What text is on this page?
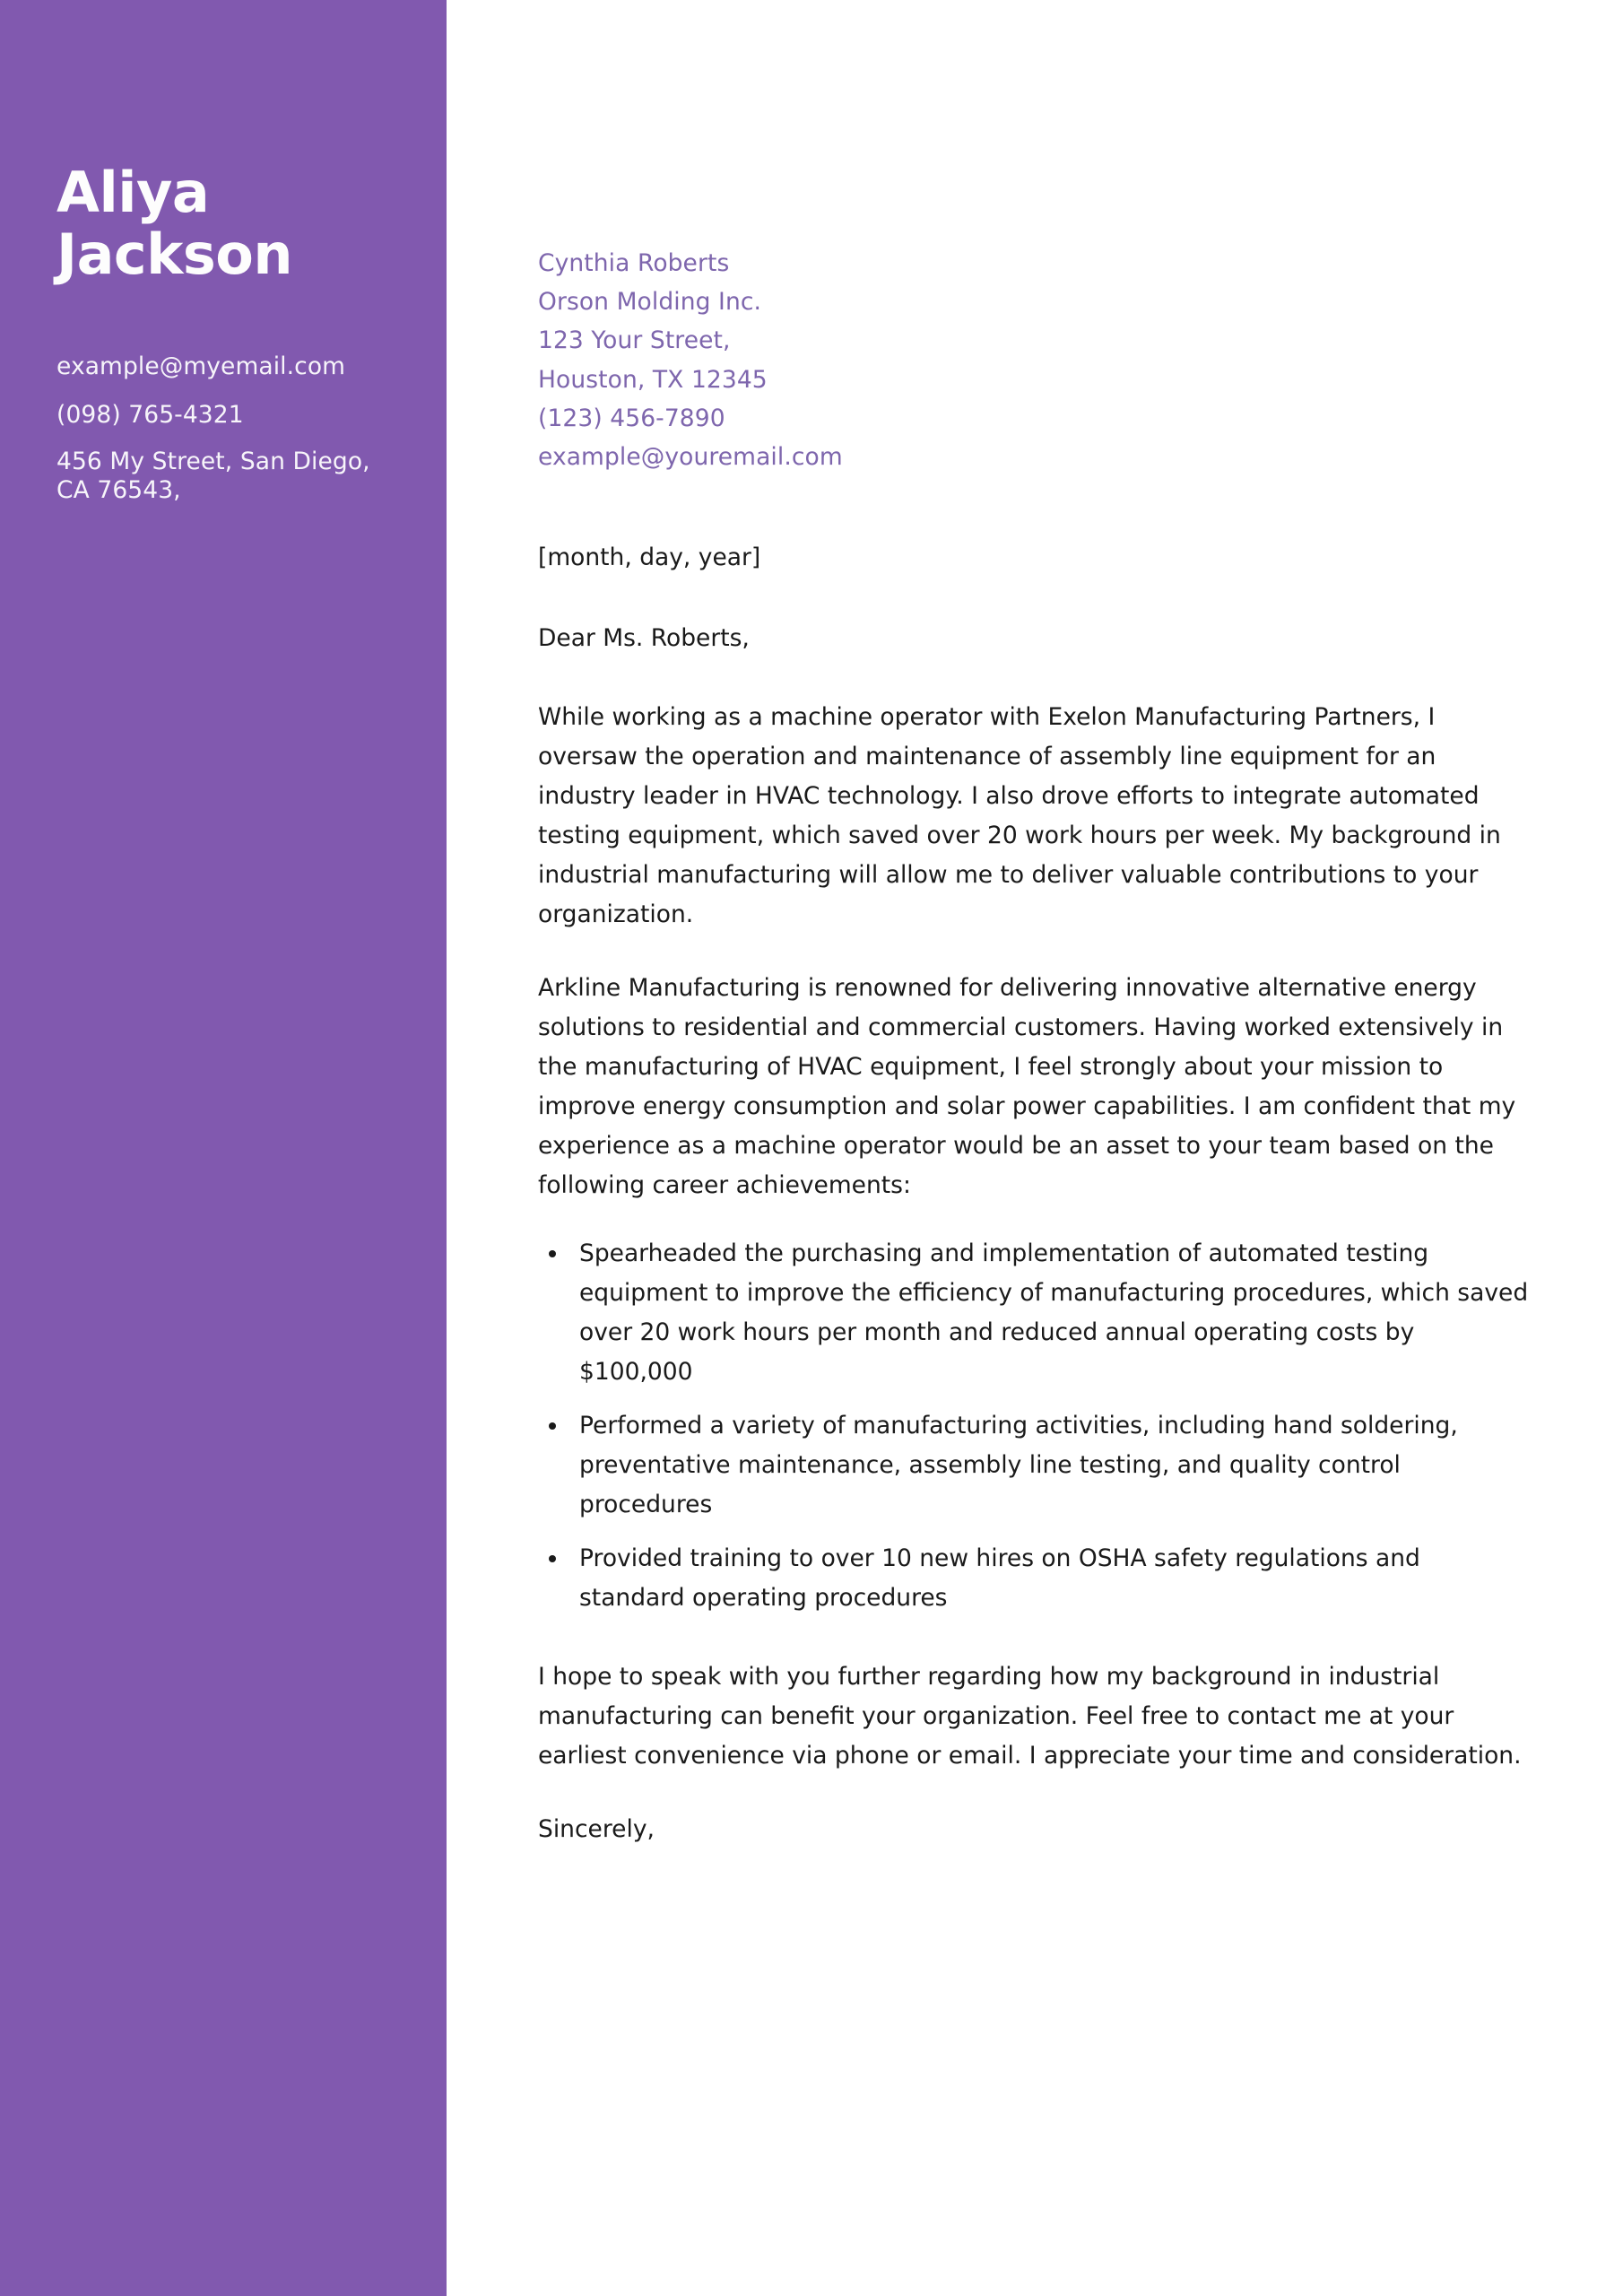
Aliya
Jackson
example@myemail.com
(098) 765-4321
456 My Street, San Diego,
CA 76543,
Cynthia Roberts
Orson Molding Inc.
123 Your Street,
Houston, TX 12345
(123) 456-7890
example@youremail.com
[month, day, year]
Dear Ms. Roberts,

While working as a machine operator with Exelon Manufacturing Partners, I oversaw the operation and maintenance of assembly line equipment for an industry leader in HVAC technology. I also drove efforts to integrate automated testing equipment, which saved over 20 work hours per week. My background in industrial manufacturing will allow me to deliver valuable contributions to your organization.

Arkline Manufacturing is renowned for delivering innovative alternative energy solutions to residential and commercial customers. Having worked extensively in the manufacturing of HVAC equipment, I feel strongly about your mission to improve energy consumption and solar power capabilities. I am confident that my experience as a machine operator would be an asset to your team based on the following career achievements:

Spearheaded the purchasing and implementation of automated testing equipment to improve the efficiency of manufacturing procedures, which saved over 20 work hours per month and reduced annual operating costs by $100,000
Performed a variety of manufacturing activities, including hand soldering, preventative maintenance, assembly line testing, and quality control procedures
Provided training to over 10 new hires on OSHA safety regulations and standard operating procedures

I hope to speak with you further regarding how my background in industrial manufacturing can benefit your organization. Feel free to contact me at your earliest convenience via phone or email. I appreciate your time and consideration.

Sincerely,
